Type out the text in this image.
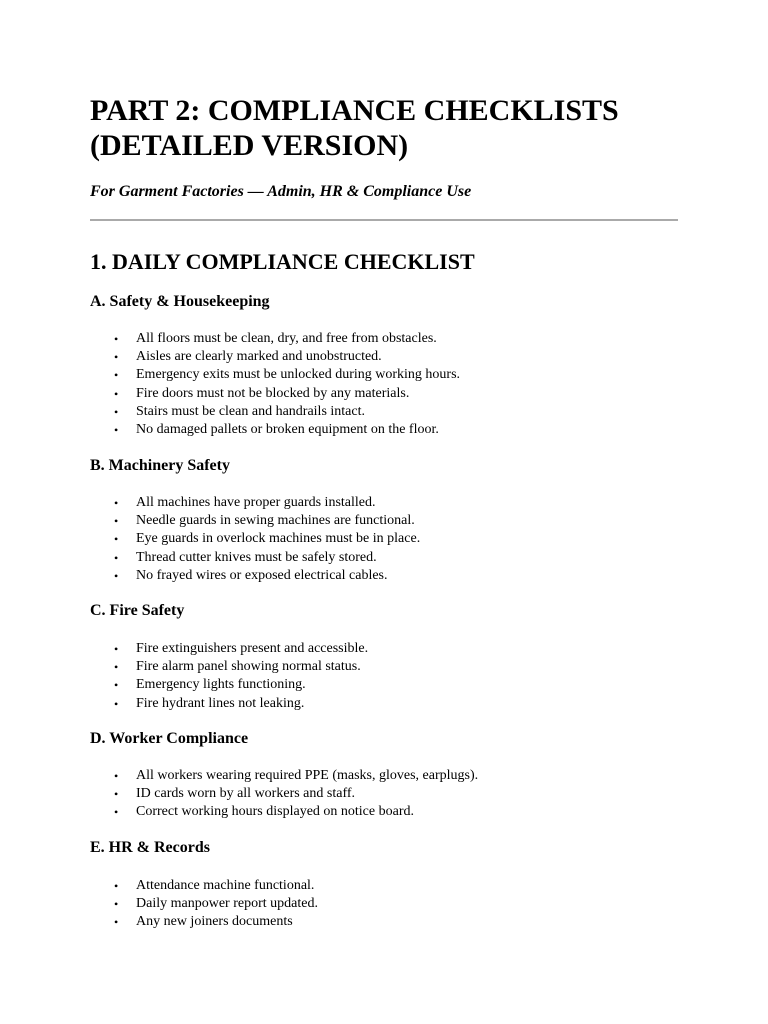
PART 2: COMPLIANCE CHECKLISTS
(DETAILED VERSION)

For Garment Factories — Admin, HR & Compliance Use

1. DAILY COMPLIANCE CHECKLIST
A. Safety & Housekeeping
• All floors must be clean, dry, and free from obstacles.
• Aisles are clearly marked and unobstructed.
• Emergency exits must be unlocked during working hours.
• Fire doors must not be blocked by any materials.
• Stairs must be clean and handrails intact.
• No damaged pallets or broken equipment on the floor.
B. Machinery Safety
• All machines have proper guards installed.
• Needle guards in sewing machines are functional.
• Eye guards in overlock machines must be in place.
• Thread cutter knives must be safely stored.
• No frayed wires or exposed electrical cables.
C. Fire Safety
• Fire extinguishers present and accessible.
• Fire alarm panel showing normal status.
• Emergency lights functioning.
• Fire hydrant lines not leaking.
D. Worker Compliance
• All workers wearing required PPE (masks, gloves, earplugs).
• ID cards worn by all workers and staff.
• Correct working hours displayed on notice board.
E. HR & Records
• Attendance machine functional.
• Daily manpower report updated.
• Any new joiners documents
